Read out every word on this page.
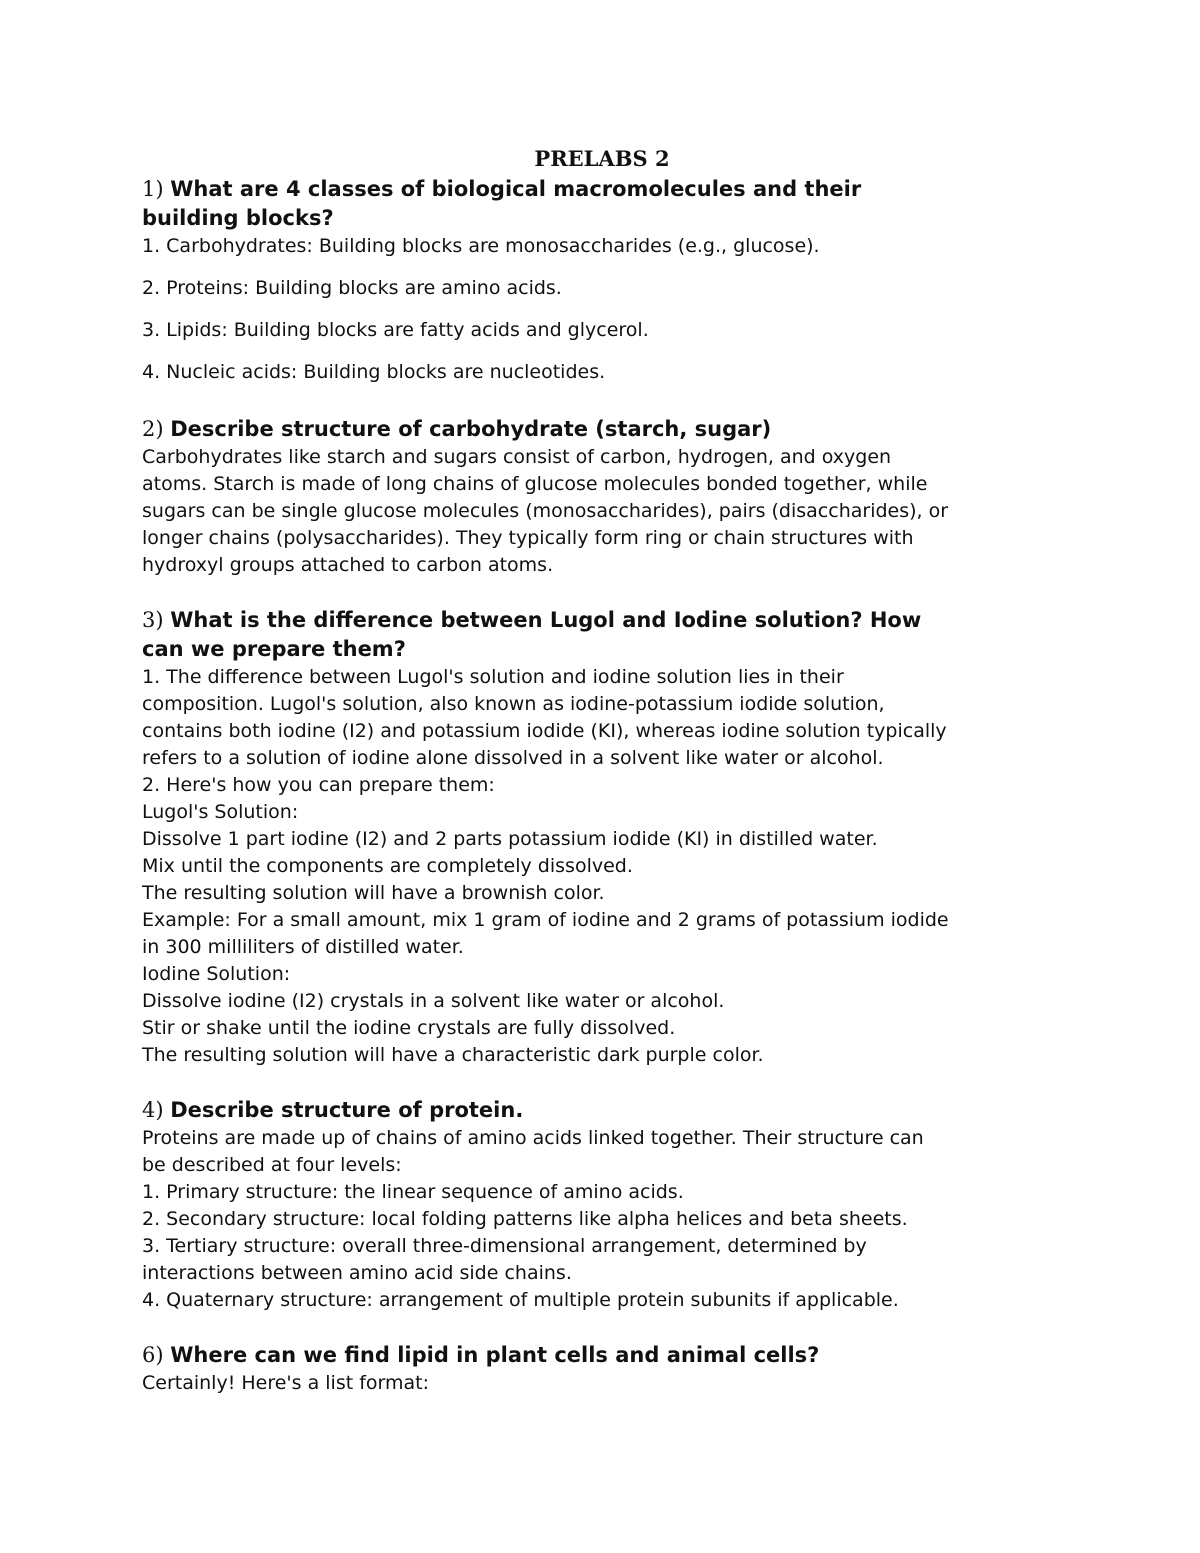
PRELABS 2

1) What are 4 classes of biological macromolecules and their

building blocks?

1. Carbohydrates: Building blocks are monosaccharides (e.g., glucose).

2. Proteins: Building blocks are amino acids.

3. Lipids: Building blocks are fatty acids and glycerol.

4. Nucleic acids: Building blocks are nucleotides.

2) Describe structure of carbohydrate (starch, sugar)

Carbohydrates like starch and sugars consist of carbon, hydrogen, and oxygen

atoms. Starch is made of long chains of glucose molecules bonded together, while

sugars can be single glucose molecules (monosaccharides), pairs (disaccharides), or

longer chains (polysaccharides). They typically form ring or chain structures with

hydroxyl groups attached to carbon atoms.

3) What is the difference between Lugol and Iodine solution? How

can we prepare them?

1. The difference between Lugol's solution and iodine solution lies in their

composition. Lugol's solution, also known as iodine-potassium iodide solution,

contains both iodine (I2) and potassium iodide (KI), whereas iodine solution typically

refers to a solution of iodine alone dissolved in a solvent like water or alcohol.

2. Here's how you can prepare them:

Lugol's Solution:

Dissolve 1 part iodine (I2) and 2 parts potassium iodide (KI) in distilled water.

Mix until the components are completely dissolved.

The resulting solution will have a brownish color.

Example: For a small amount, mix 1 gram of iodine and 2 grams of potassium iodide

in 300 milliliters of distilled water.

Iodine Solution:

Dissolve iodine (I2) crystals in a solvent like water or alcohol.

Stir or shake until the iodine crystals are fully dissolved.

The resulting solution will have a characteristic dark purple color.

4) Describe structure of protein.

Proteins are made up of chains of amino acids linked together. Their structure can

be described at four levels:

1. Primary structure: the linear sequence of amino acids.

2. Secondary structure: local folding patterns like alpha helices and beta sheets.

3. Tertiary structure: overall three-dimensional arrangement, determined by

interactions between amino acid side chains.

4. Quaternary structure: arrangement of multiple protein subunits if applicable.

6) Where can we find lipid in plant cells and animal cells?

Certainly! Here's a list format:
